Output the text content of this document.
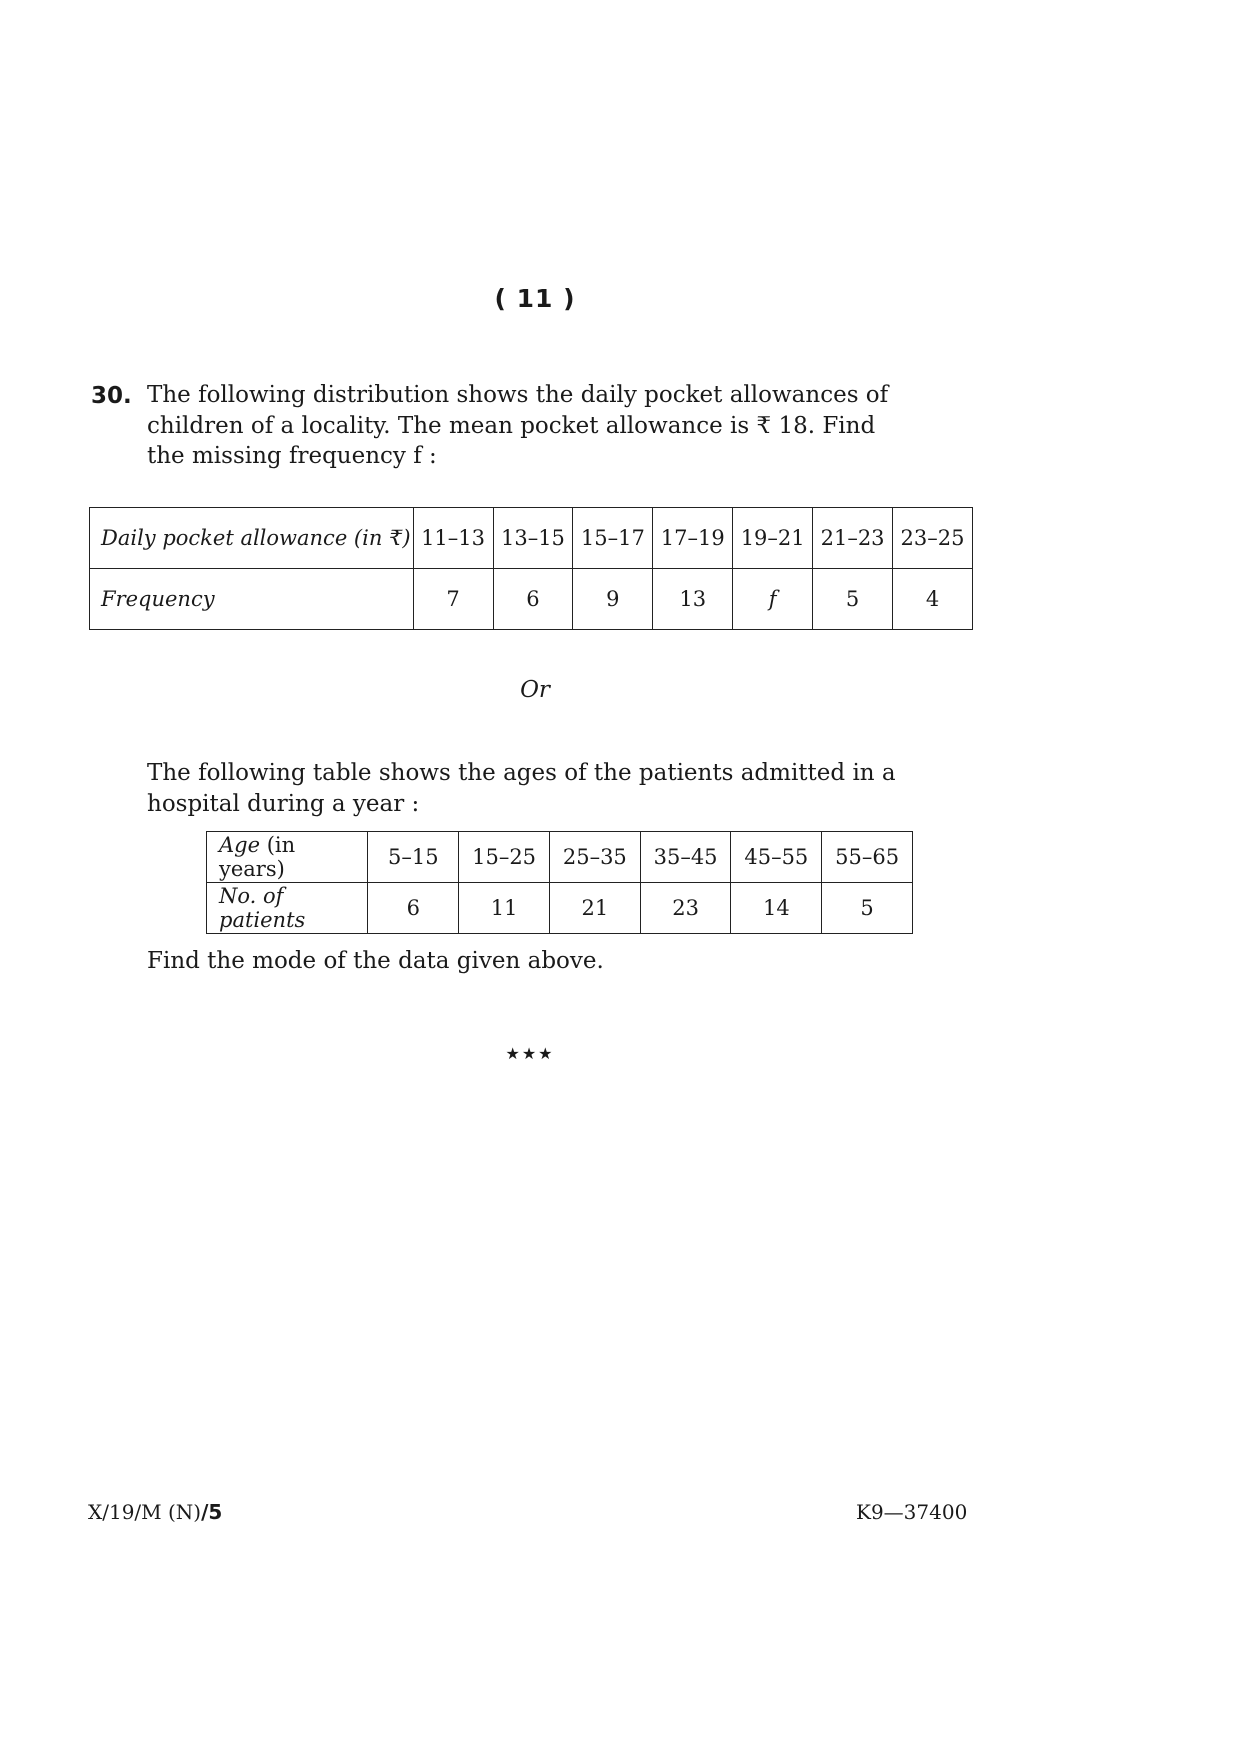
( 11 )
30. The following distribution shows the daily pocket allowances of
children of a locality. The mean pocket allowance is ₹ 18. Find
the missing frequency f :
Daily pocket allowance (in ₹)	11–13	13–15	15–17	17–19	19–21	21–23	23–25
Frequency	7	6	9	13	f	5	4
Or
The following table shows the ages of the patients admitted in a
hospital during a year :
Age (in years)	5–15	15–25	25–35	35–45	45–55	55–65
No. of patients	6	11	21	23	14	5
Find the mode of the data given above.
★★★
X/19/M (N)/5	K9—37400
